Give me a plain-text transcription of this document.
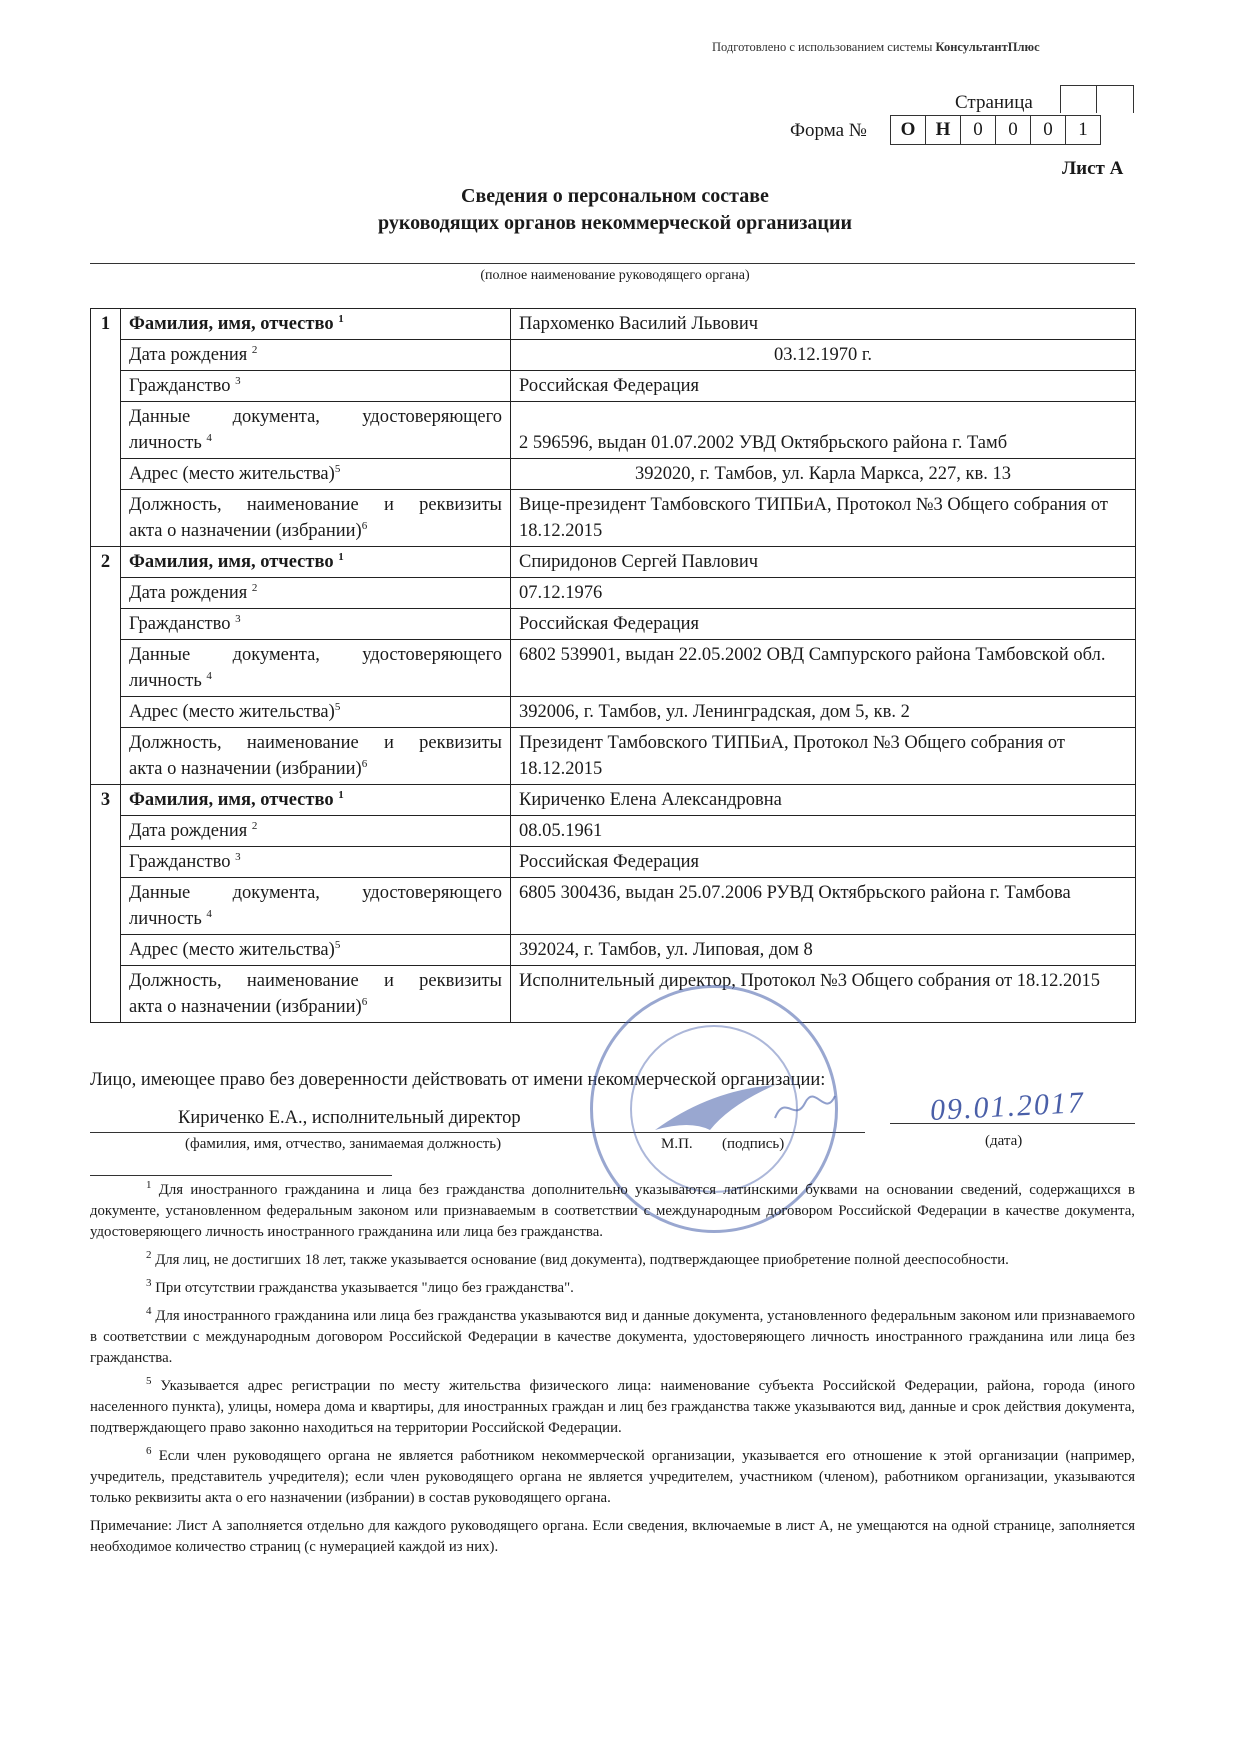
Подготовлено с использованием системы КонсультантПлюс
Страница
Форма №	О	Н	0	0	0	1
Лист А
Сведения о персональном составе
руководящих органов некоммерческой организации
(полное наименование руководящего органа)
1	Фамилия, имя, отчество $^1$	Пархоменко Василий Львович
	Дата рождения $^2$	03.12.1970 г.
	Гражданство $^3$	Российская Федерация

	Данные документа, удостоверяющего
личность $^4$	2 596596, выдан 01.07.2002 УВД Октябрьского района г. Тамб
	Адрес (место жительства)$^5$	392020, г. Тамбов, ул. Карла Маркса, 227, кв. 13

	Должность, наименование и реквизиты
акта о назначении (избрании)$^6$	Вице-президент Тамбовского ТИПБиА, Протокол №3 Общего собрания от 18.12.2015
2	Фамилия, имя, отчество $^1$	Спиридонов Сергей Павлович
	Дата рождения $^2$	07.12.1976
	Гражданство $^3$	Российская Федерация

	Данные документа, удостоверяющего
личность $^4$	6802 539901, выдан 22.05.2002 ОВД Сампурского района Тамбовской обл.
	Адрес (место жительства)$^5$	392006, г. Тамбов, ул. Ленинградская, дом 5, кв. 2

	Должность, наименование и реквизиты
акта о назначении (избрании)$^6$	Президент Тамбовского ТИПБиА, Протокол №3 Общего собрания от 18.12.2015
3	Фамилия, имя, отчество $^1$	Кириченко Елена Александровна
	Дата рождения $^2$	08.05.1961
	Гражданство $^3$	Российская Федерация

	Данные документа, удостоверяющего
личность $^4$	6805 300436, выдан 25.07.2006 РУВД Октябрьского района г. Тамбова
	Адрес (место жительства)$^5$	392024, г. Тамбов, ул. Липовая, дом 8

	Должность, наименование и реквизиты
акта о назначении (избрании)$^6$	Исполнительный директор, Протокол №3 Общего собрания от 18.12.2015
Лицо, имеющее право без доверенности действовать от имени некоммерческой организации:
Кириченко Е.А., исполнительный директор
(фамилия, имя, отчество, занимаемая должность)	М.П. (подпись)
09.01.2017
(дата)

$^1$ Для иностранного гражданина и лица без гражданства дополнительно указываются латинскими буквами на основании сведений, содержащихся в документе, установленном федеральным законом или признаваемым в соответствии с международным договором Российской Федерации в качестве документа, удостоверяющего личность иностранного гражданина или лица без гражданства.

$^2$ Для лиц, не достигших 18 лет, также указывается основание (вид документа), подтверждающее приобретение полной дееспособности.

$^3$ При отсутствии гражданства указывается "лицо без гражданства".

$^4$ Для иностранного гражданина или лица без гражданства указываются вид и данные документа, установленного федеральным законом или признаваемого в соответствии с международным договором Российской Федерации в качестве документа, удостоверяющего личность иностранного гражданина или лица без гражданства.

$^5$ Указывается адрес регистрации по месту жительства физического лица: наименование субъекта Российской Федерации, района, города (иного населенного пункта), улицы, номера дома и квартиры, для иностранных граждан и лиц без гражданства также указываются вид, данные и срок действия документа, подтверждающего право законно находиться на территории Российской Федерации.

$^6$ Если член руководящего органа не является работником некоммерческой организации, указывается его отношение к этой организации (например, учредитель, представитель учредителя); если член руководящего органа не является учредителем, участником (членом), работником организации, указываются только реквизиты акта о его назначении (избрании) в состав руководящего органа.

Примечание: Лист А заполняется отдельно для каждого руководящего органа. Если сведения, включаемые в лист А, не умещаются на одной странице, заполняется необходимое количество страниц (с нумерацией каждой из них).
